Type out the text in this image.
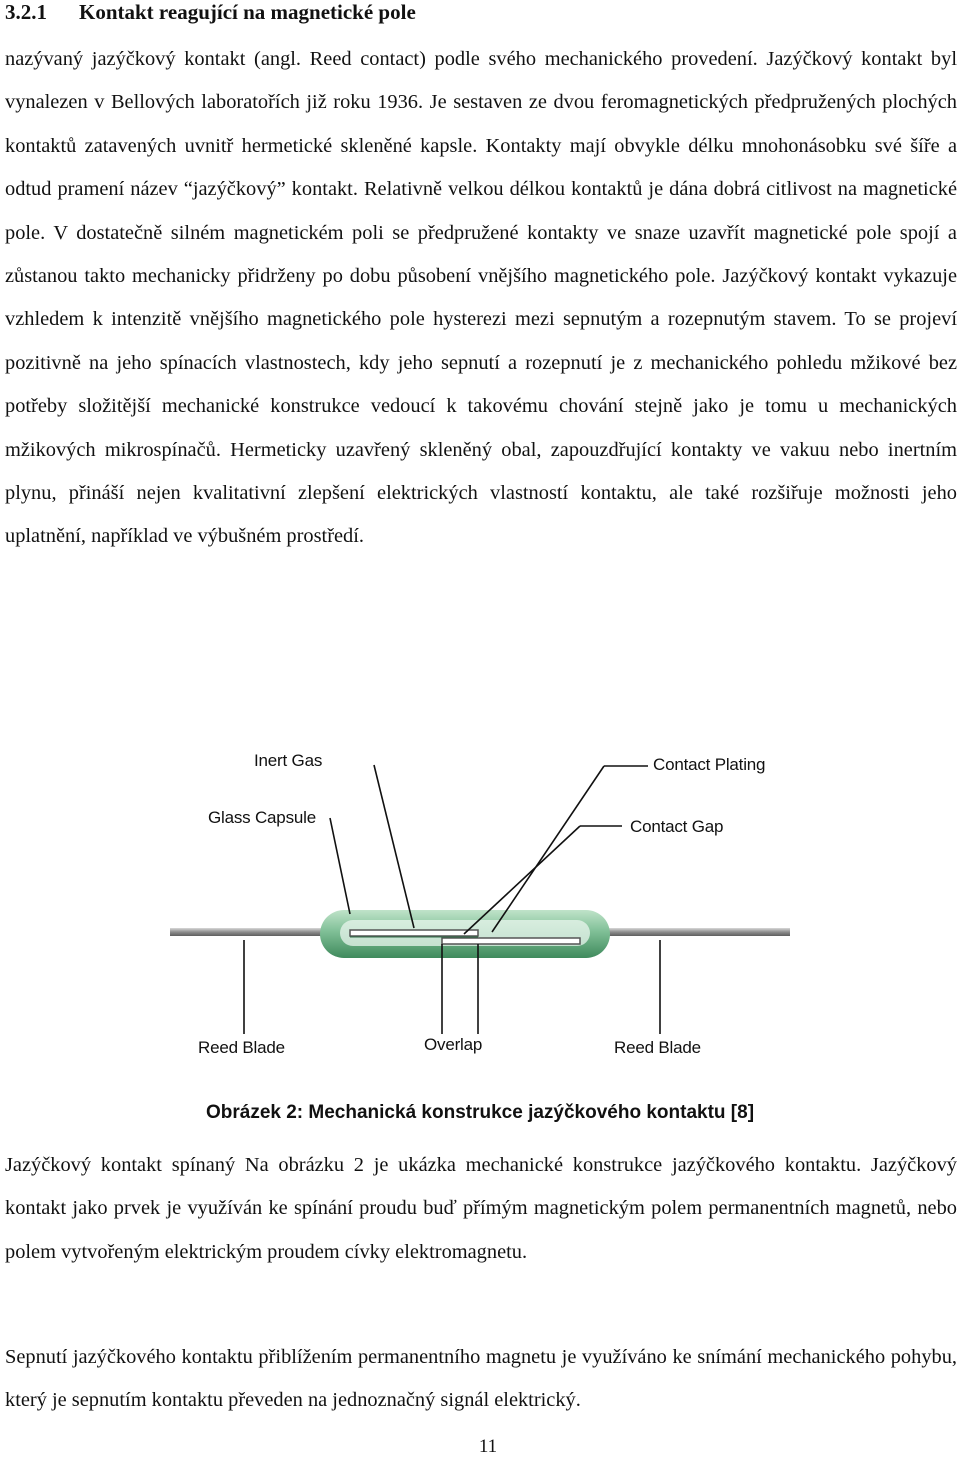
3.2.1 Kontakt reagující na magnetické pole

nazývaný jazýčkový kontakt (angl. Reed contact) podle svého mechanického provedení. Jazýčkový kontakt byl vynalezen v Bellových laboratořích již roku 1936. Je sestaven ze dvou feromagnetických předpružených plochých kontaktů zatavených uvnitř hermetické skleněné kapsle. Kontakty mají obvykle délku mnohonásobku své šíře a odtud pramení název “jazýčkový” kontakt. Relativně velkou délkou kontaktů je dána dobrá citlivost na magnetické pole. V dostatečně silném magnetickém poli se předpružené kontakty ve snaze uzavřít magnetické pole spojí a zůstanou takto mechanicky přidrženy po dobu působení vnějšího magnetického pole. Jazýčkový kontakt vykazuje vzhledem k intenzitě vnějšího magnetického pole hysterezi mezi sepnutým a rozepnutým stavem. To se projeví pozitivně na jeho spínacích vlastnostech, kdy jeho sepnutí a rozepnutí je z mechanického pohledu mžikové bez potřeby složitější mechanické konstrukce vedoucí k takovému chování stejně jako je tomu u mechanických mžikových mikrospínačů. Hermeticky uzavřený skleněný obal, zapouzdřující kontakty ve vakuu nebo inertním plynu, přináší nejen kvalitativní zlepšení elektrických vlastností kontaktu, ale také rozšiřuje možnosti jeho uplatnění, například ve výbušném prostředí.

Inert Gas
Glass Capsule
Contact Plating
Contact Gap
Reed Blade	Overlap	Reed Blade
Obrázek 2: Mechanická konstrukce jazýčkového kontaktu [8]

Jazýčkový kontakt spínaný Na obrázku 2 je ukázka mechanické konstrukce jazýčkového kontaktu. Jazýčkový kontakt jako prvek je využíván ke spínání proudu buď přímým magnetickým polem permanentních magnetů, nebo polem vytvořeným elektrickým proudem cívky elektromagnetu.

Sepnutí jazýčkového kontaktu přiblížením permanentního magnetu je využíváno ke snímání mechanického pohybu, který je sepnutím kontaktu převeden na jednoznačný signál elektrický.

11
